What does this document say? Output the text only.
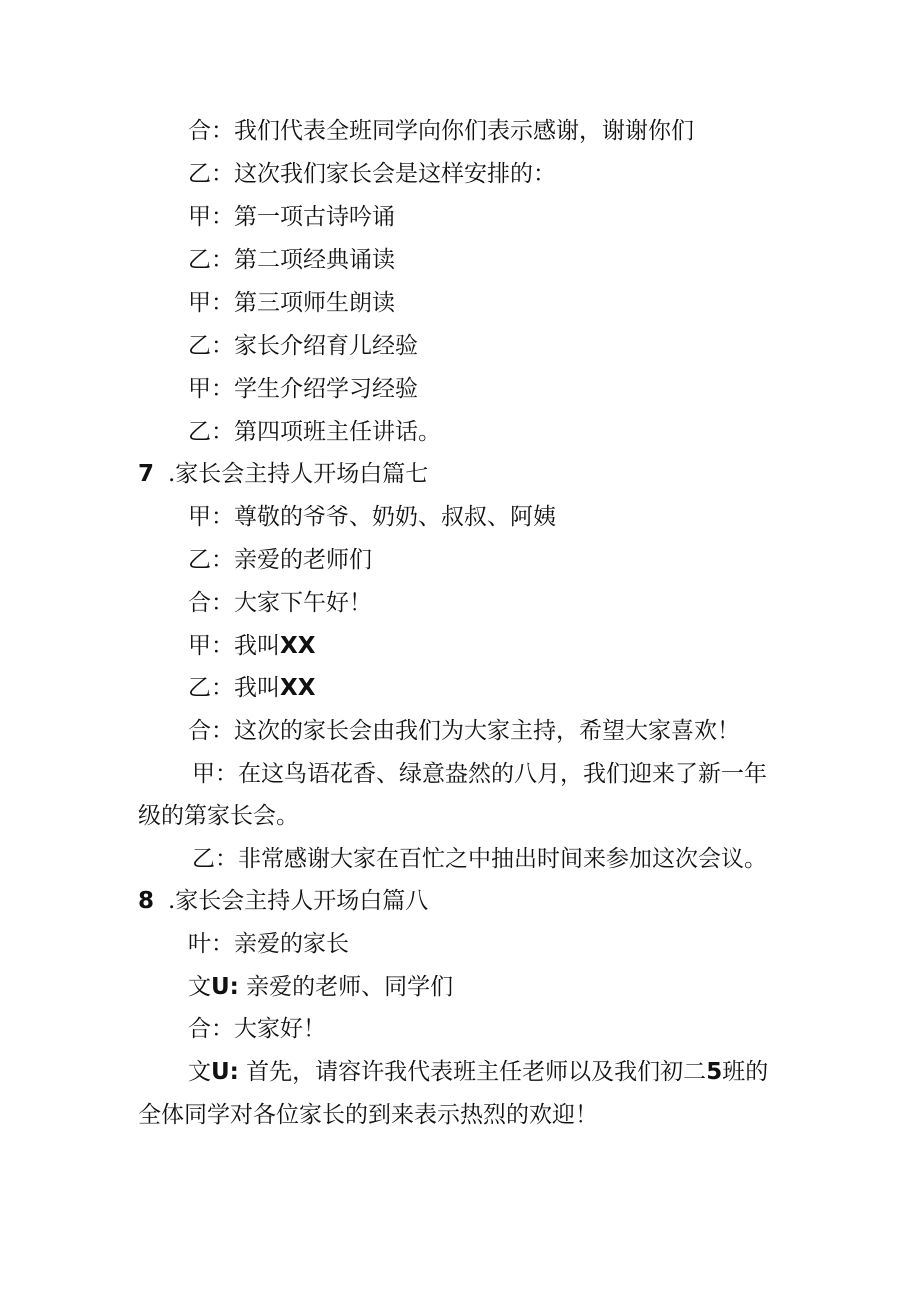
合：我们代表全班同学向你们表示感谢，谢谢你们
乙：这次我们家长会是这样安排的：
甲：第一项古诗吟诵
乙：第二项经典诵读
甲：第三项师生朗读
乙：家长介绍育儿经验
甲：学生介绍学习经验
乙：第四项班主任讲话。
7 .家长会主持人开场白篇七
甲：尊敬的爷爷、奶奶、叔叔、阿姨
乙：亲爱的老师们
合：大家下午好！
甲：我叫XX
乙：我叫XX
合：这次的家长会由我们为大家主持，希望大家喜欢！
甲：在这鸟语花香、绿意盎然的八月，我们迎来了新一年
级的第家长会。
乙：非常感谢大家在百忙之中抽出时间来参加这次会议。
8 .家长会主持人开场白篇八
叶：亲爱的家长
文U: 亲爱的老师、同学们
合：大家好！
文U: 首先，请容许我代表班主任老师以及我们初二5班的
全体同学对各位家长的到来表示热烈的欢迎！
